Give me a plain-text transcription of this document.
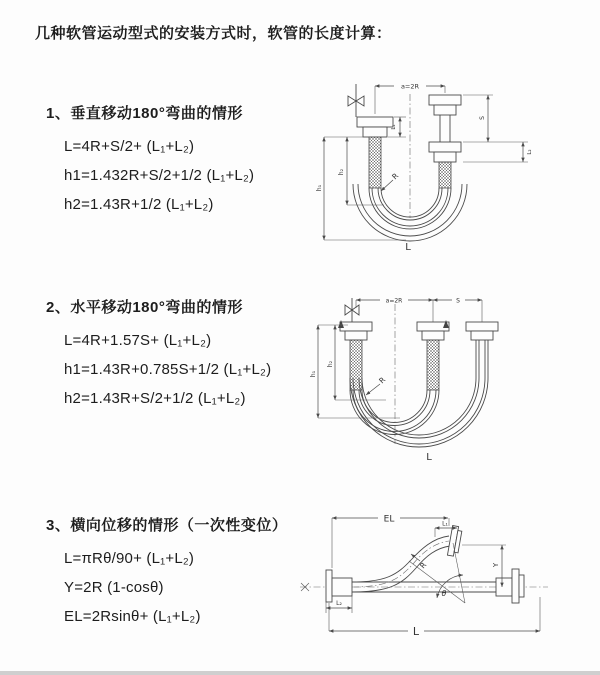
几种软管运动型式的安装方式时，软管的长度计算：
1、垂直移动180°弯曲的情形
L=4R+S/2+ (L₁+L₂)
h1=1.432R+S/2+1/2 (L₁+L₂)
h2=1.43R+1/2 (L₁+L₂)
2、水平移动180°弯曲的情形
L=4R+1.57S+ (L₁+L₂)
h1=1.43R+0.785S+1/2 (L₁+L₂)
h2=1.43R+S/2+1/2 (L₁+L₂)
3、横向位移的情形（一次性变位）
L=πRθ/90+ (L₁+L₂)
Y=2R (1-cosθ)
EL=2Rsinθ+ (L₁+L₂)
a=2R
h₁
h₂
L₁
S
L₂
R
L
a=2R	S
h₁
h₂
R
L
EL	L₁
Y
θ
R
L₂
L
